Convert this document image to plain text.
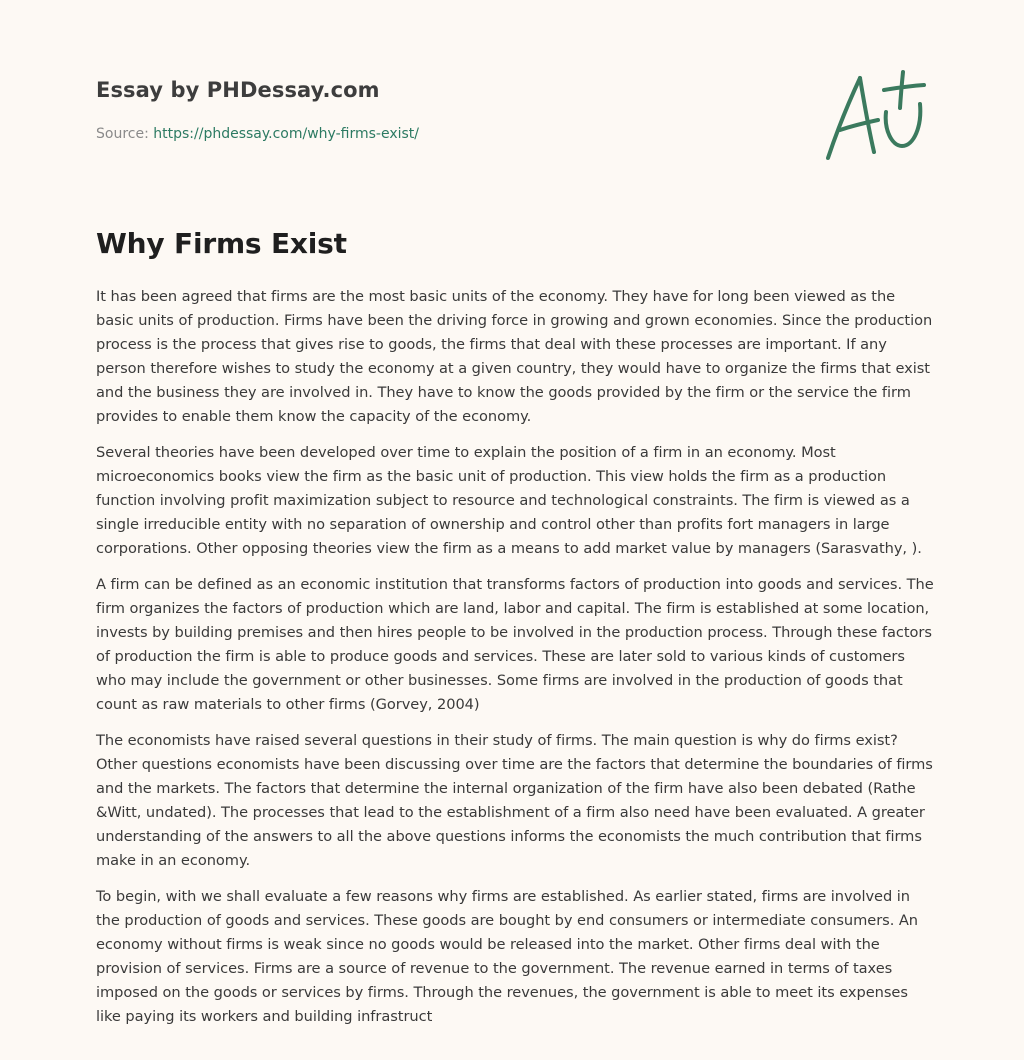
Essay by PHDessay.com
Source: https://phdessay.com/why-firms-exist/
Why Firms Exist

It has been agreed that firms are the most basic units of the economy. They have for long been viewed as the basic units of production. Firms have been the driving force in growing and grown economies. Since the production process is the process that gives rise to goods, the firms that deal with these processes are important. If any person therefore wishes to study the economy at a given country, they would have to organize the firms that exist and the business they are involved in. They have to know the goods provided by the firm or the service the firm provides to enable them know the capacity of the economy.

Several theories have been developed over time to explain the position of a firm in an economy. Most microeconomics books view the firm as the basic unit of production. This view holds the firm as a production function involving profit maximization subject to resource and technological constraints. The firm is viewed as a single irreducible entity with no separation of ownership and control other than profits fort managers in large corporations. Other opposing theories view the firm as a means to add market value by managers (Sarasvathy, ).

A firm can be defined as an economic institution that transforms factors of production into goods and services. The firm organizes the factors of production which are land, labor and capital. The firm is established at some location, invests by building premises and then hires people to be involved in the production process. Through these factors of production the firm is able to produce goods and services. These are later sold to various kinds of customers who may include the government or other businesses. Some firms are involved in the production of goods that count as raw materials to other firms (Gorvey, 2004)

The economists have raised several questions in their study of firms. The main question is why do firms exist? Other questions economists have been discussing over time are the factors that determine the boundaries of firms and the markets. The factors that determine the internal organization of the firm have also been debated (Rathe &Witt, undated). The processes that lead to the establishment of a firm also need have been evaluated. A greater understanding of the answers to all the above questions informs the economists the much contribution that firms make in an economy.

To begin, with we shall evaluate a few reasons why firms are established. As earlier stated, firms are involved in the production of goods and services. These goods are bought by end consumers or intermediate consumers. An economy without firms is weak since no goods would be released into the market. Other firms deal with the provision of services. Firms are a source of revenue to the government. The revenue earned in terms of taxes imposed on the goods or services by firms. Through the revenues, the government is able to meet its expenses like paying its workers and building infrastruct
